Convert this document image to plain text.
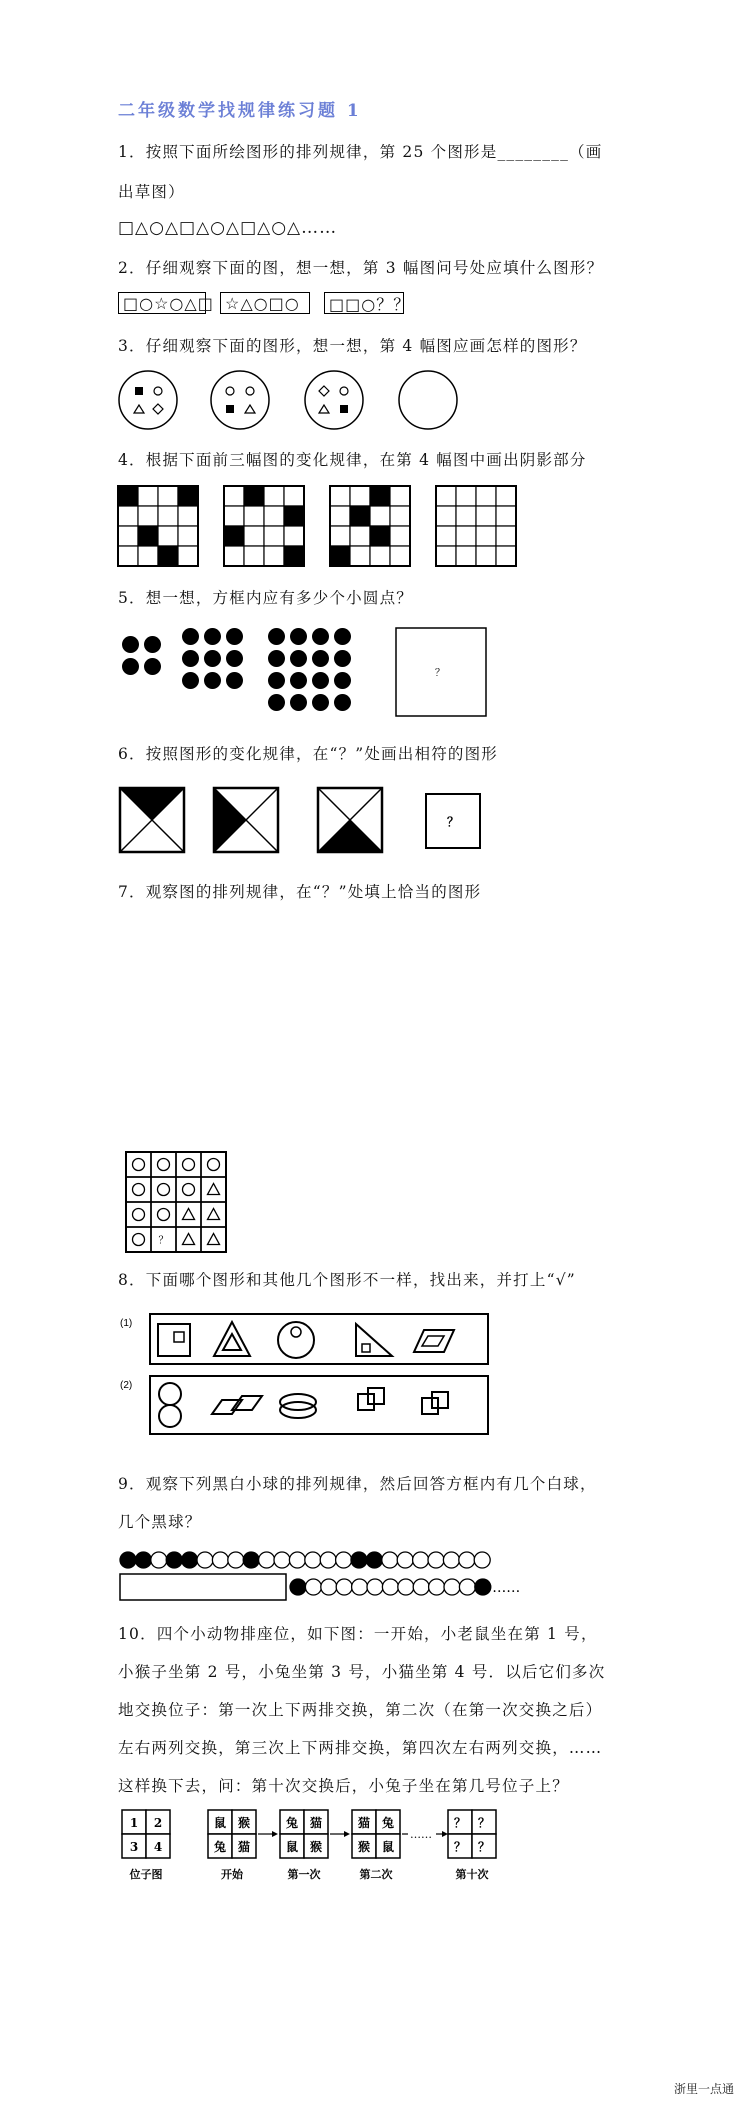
二年级数学找规律练习题 1
1．按照下面所绘图形的排列规律，第 25 个图形是________（画
出草图）
□△○△□△○△□△○△……
2．仔细观察下面的图，想一想，第 3 幅图问号处应填什么图形？
□○☆○△□ ☆△○□○ □□○？？
3．仔细观察下面的图形，想一想，第 4 幅图应画怎样的图形？
4．根据下面前三幅图的变化规律，在第 4 幅图中画出阴影部分
5．想一想，方框内应有多少个小圆点？
？
6．按照图形的变化规律，在“？”处画出相符的图形
？
7．观察图的排列规律，在“？”处填上恰当的图形
？
8．下面哪个图形和其他几个图形不一样，找出来，并打上“√”
(1)
(2)
9．观察下列黑白小球的排列规律，然后回答方框内有几个白球，
几个黑球？
……
10．四个小动物排座位，如下图：一开始，小老鼠坐在第 1 号，
小猴子坐第 2 号，小兔坐第 3 号，小猫坐第 4 号．以后它们多次
地交换位子：第一次上下两排交换，第二次（在第一次交换之后）
左右两列交换，第三次上下两排交换，第四次左右两列交换，……
这样换下去，问：第十次交换后，小兔子坐在第几号位子上？
1 2
3 4
位子图
鼠 猴
兔 猫
开始
兔 猫
鼠 猴
第一次
猫 兔
猴 鼠
第二次
？ ？
？ ？
第十次
……
浙里一点通
